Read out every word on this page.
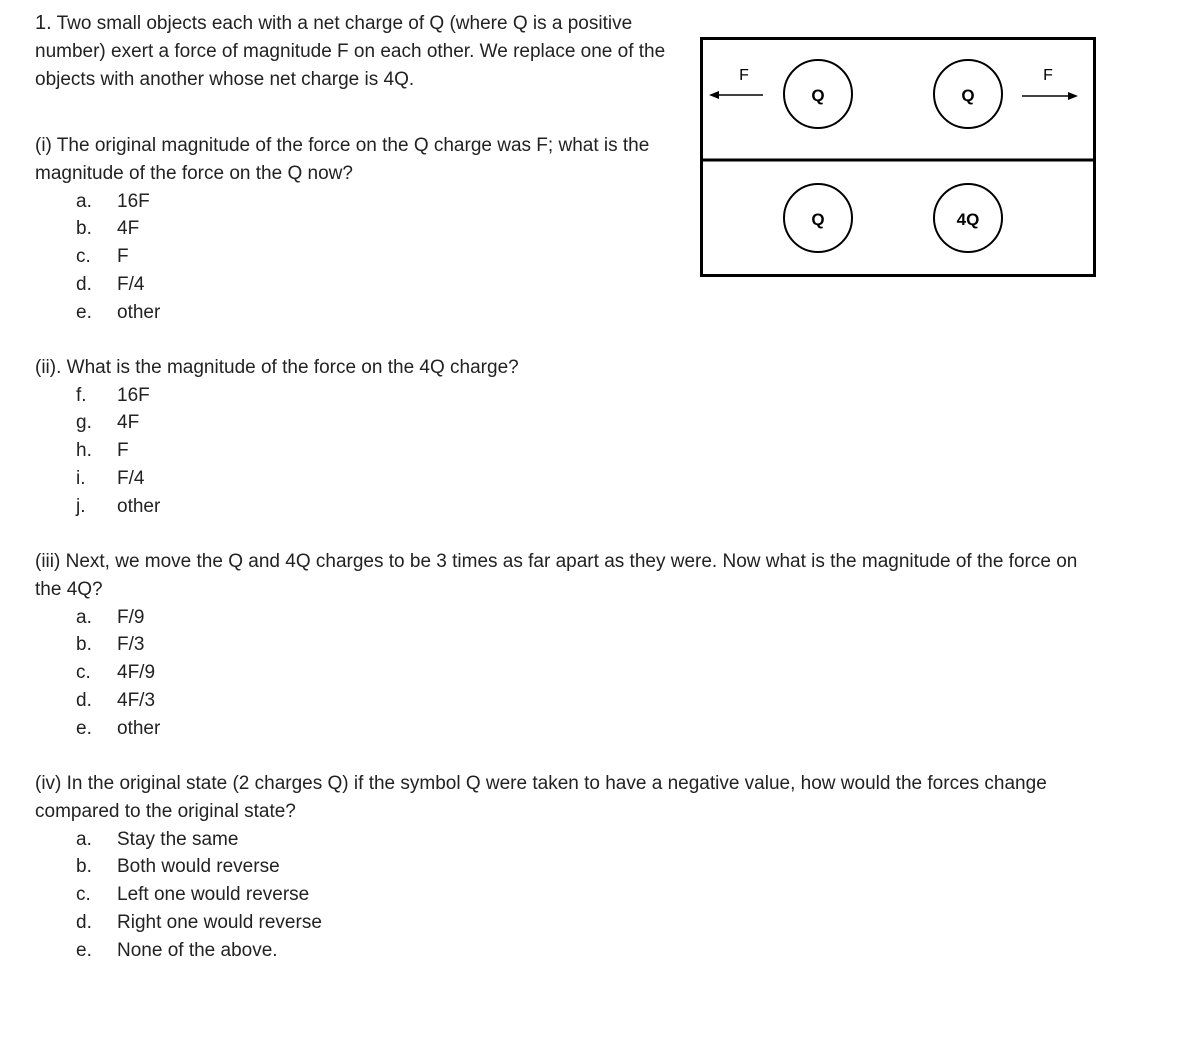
1. Two small objects each with a net charge of Q (where Q is a positive number) exert a force of magnitude F on each other. We replace one of the objects with another whose net charge is 4Q.	F
Q	Q
F
Q	4Q
(i) The original magnitude of the force on the Q charge was F; what is the magnitude of the force on the Q now?
a. 16F
b. 4F
c. F
d. F/4
e. other
(ii). What is the magnitude of the force on the 4Q charge?
f. 16F
g. 4F
h. F
i. F/4
j. other
(iii) Next, we move the Q and 4Q charges to be 3 times as far apart as they were. Now what is the magnitude of the force on the 4Q?
a. F/9
b. F/3
c. 4F/9
d. 4F/3
e. other
(iv) In the original state (2 charges Q) if the symbol Q were taken to have a negative value, how would the forces change compared to the original state?
a. Stay the same
b. Both would reverse
c. Left one would reverse
d. Right one would reverse
e. None of the above.
